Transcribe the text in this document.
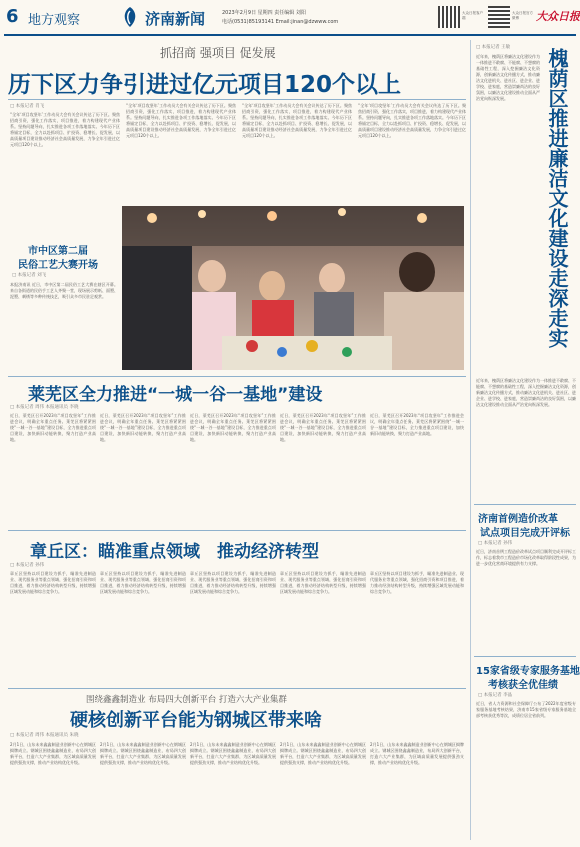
6 地方观察	济南新闻	2023年2月9日 星期四 责任编辑 刘阳
电话(0531)85193141 Email:jinan@dzwww.com
大众日报客户端
大众日报官方微博	大众日报
抓招商 强项目 促发展
历下区力争引进过亿元项目120个以上
□ 本报记者 肖飞
“全年‘项目攻坚年’工作动员大会有关会议传达了历下区。聚焦招商引资，强化工作落实，项目推进，着力构建现代产业体系。坚持问题导向，扎实推进各项工作落地落实。今年历下区将锚定目标，全力以赴抓项目、扩投资、稳增长、促发展，以高质量项目建设推动经济社会高质量发展，力争全年引进过亿元项目120个以上。
“全年‘项目攻坚年’工作动员大会有关会议传达了历下区。聚焦招商引资，强化工作落实，项目推进，着力构建现代产业体系。坚持问题导向，扎实推进各项工作落地落实。今年历下区将锚定目标，全力以赴抓项目、扩投资、稳增长、促发展，以高质量项目建设推动经济社会高质量发展，力争全年引进过亿元项目120个以上。
“全年‘项目攻坚年’工作动员大会有关会议传达了历下区。聚焦招商引资，强化工作落实，项目推进，着力构建现代产业体系。坚持问题导向，扎实推进各项工作落地落实。今年历下区将锚定目标，全力以赴抓项目、扩投资、稳增长、促发展，以高质量项目建设推动经济社会高质量发展，力争全年引进过亿元项目120个以上。
“全年‘项目攻坚年’工作动员大会有关会议传达了历下区。聚焦招商引资，强化工作落实，项目推进，着力构建现代产业体系。坚持问题导向，扎实推进各项工作落地落实。今年历下区将锚定目标，全力以赴抓项目、扩投资、稳增长、促发展，以高质量项目建设推动经济社会高质量发展，力争全年引进过亿元项目120个以上。
市中区第二届
民俗工艺大赛开场
□ 本报记者 刘飞
本报济南讯 近日，市中区第二届民俗工艺大赛在辖区开幕。来自各街道的民俗手工艺人齐聚一堂，现场展示剪纸、面塑、泥塑、刺绣等多种传统技艺，吸引众多市民驻足观赏。
□ 本报记者 王敏
近年来，槐荫区将廉洁文化建设作为一体推进不敢腐、不能腐、不想腐的基础性工程，深入挖掘廉洁文化资源，创新廉洁文化传播方式，推动廉洁文化进机关、进社区、进企业、进学校、进家庭，营造崇廉尚洁的良好氛围，以廉洁文化建设推动全面从严治党向纵深发展。	槐荫区推进廉洁文化建设走深走实
近年来，槐荫区将廉洁文化建设作为一体推进不敢腐、不能腐、不想腐的基础性工程，深入挖掘廉洁文化资源，创新廉洁文化传播方式，推动廉洁文化进机关、进社区、进企业、进学校、进家庭，营造崇廉尚洁的良好氛围，以廉洁文化建设推动全面从严治党向纵深发展。
济南首例造价改革
试点项目完成开评标
□ 本报记者 孙伟
近日，济南首例工程造价改革试点项目顺利完成开评标工作，标志着我市工程造价市场化改革取得阶段性成果，为进一步优化营商环境提供有力支撑。
15家省级专家服务基地
考核获全优佳绩
□ 本报记者 李晶
近日，省人力资源和社会保障厅公布了2022年度省级专家服务基地考核结果，济南市15家省级专家服务基地全部考核获优秀等次，成绩位居全省前列。
莱芜区全力推进“一城一谷一基地”建设
□ 本报记者 周伟 本报通讯员 李晓
近日，莱芜区召开2023年“项目攻坚年”工作推进会议，明确全年重点任务。莱芜区将紧紧围绕“一城一谷一基地”建设目标，全力推进重点项目建设，加快新旧动能转换，聚力打造产业高地。
近日，莱芜区召开2023年“项目攻坚年”工作推进会议，明确全年重点任务。莱芜区将紧紧围绕“一城一谷一基地”建设目标，全力推进重点项目建设，加快新旧动能转换，聚力打造产业高地。
近日，莱芜区召开2023年“项目攻坚年”工作推进会议，明确全年重点任务。莱芜区将紧紧围绕“一城一谷一基地”建设目标，全力推进重点项目建设，加快新旧动能转换，聚力打造产业高地。
近日，莱芜区召开2023年“项目攻坚年”工作推进会议，明确全年重点任务。莱芜区将紧紧围绕“一城一谷一基地”建设目标，全力推进重点项目建设，加快新旧动能转换，聚力打造产业高地。
近日，莱芜区召开2023年“项目攻坚年”工作推进会议，明确全年重点任务。莱芜区将紧紧围绕“一城一谷一基地”建设目标，全力推进重点项目建设，加快新旧动能转换，聚力打造产业高地。
章丘区：瞄准重点领域　推动经济转型
□ 本报记者 孙伟
章丘区坚持以项目建设为抓手，瞄准先进制造业、现代服务业等重点领域，强化招商引资和项目推进，着力推动经济结构转型升级，持续增强区域发展动能和综合竞争力。
章丘区坚持以项目建设为抓手，瞄准先进制造业、现代服务业等重点领域，强化招商引资和项目推进，着力推动经济结构转型升级，持续增强区域发展动能和综合竞争力。
章丘区坚持以项目建设为抓手，瞄准先进制造业、现代服务业等重点领域，强化招商引资和项目推进，着力推动经济结构转型升级，持续增强区域发展动能和综合竞争力。
章丘区坚持以项目建设为抓手，瞄准先进制造业、现代服务业等重点领域，强化招商引资和项目推进，着力推动经济结构转型升级，持续增强区域发展动能和综合竞争力。
章丘区坚持以项目建设为抓手，瞄准先进制造业、现代服务业等重点领域，强化招商引资和项目推进，着力推动经济结构转型升级，持续增强区域发展动能和综合竞争力。
围绕鑫鑫制造业 布局四大创新平台 打造六大产业集群
硬核创新平台能为钢城区带来啥
□ 本报记者 周伟 本报通讯员 朱晓
2月1日，山东未来鑫鑫制造业创新中心在钢城区揭牌成立。钢城区围绕鑫鑫制造业，布局四大创新平台，打造六大产业集群，为区域高质量发展提供强劲支撑，推动产业结构优化升级。
2月1日，山东未来鑫鑫制造业创新中心在钢城区揭牌成立。钢城区围绕鑫鑫制造业，布局四大创新平台，打造六大产业集群，为区域高质量发展提供强劲支撑，推动产业结构优化升级。
2月1日，山东未来鑫鑫制造业创新中心在钢城区揭牌成立。钢城区围绕鑫鑫制造业，布局四大创新平台，打造六大产业集群，为区域高质量发展提供强劲支撑，推动产业结构优化升级。
2月1日，山东未来鑫鑫制造业创新中心在钢城区揭牌成立。钢城区围绕鑫鑫制造业，布局四大创新平台，打造六大产业集群，为区域高质量发展提供强劲支撑，推动产业结构优化升级。
2月1日，山东未来鑫鑫制造业创新中心在钢城区揭牌成立。钢城区围绕鑫鑫制造业，布局四大创新平台，打造六大产业集群，为区域高质量发展提供强劲支撑，推动产业结构优化升级。
